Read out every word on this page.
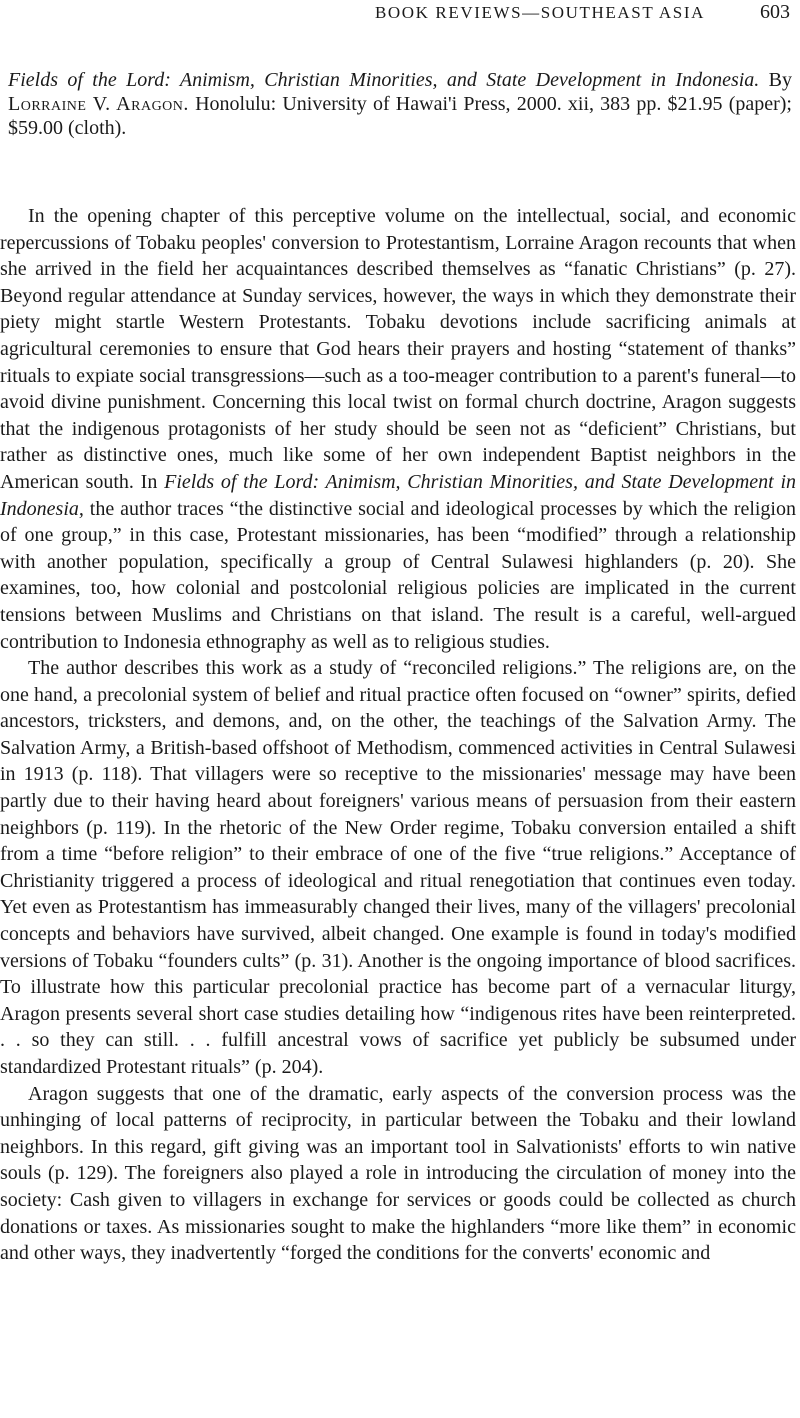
BOOK REVIEWS—SOUTHEAST ASIA	603
Fields of the Lord: Animism, Christian Minorities, and State Development in Indonesia. By Lorraine V. Aragon. Honolulu: University of Hawai'i Press, 2000. xii, 383 pp. $21.95 (paper); $59.00 (cloth).

In the opening chapter of this perceptive volume on the intellectual, social, and economic repercussions of Tobaku peoples' conversion to Protestantism, Lorraine Aragon recounts that when she arrived in the field her acquaintances described themselves as “fanatic Christians” (p. 27). Beyond regular attendance at Sunday services, however, the ways in which they demonstrate their piety might startle Western Protestants. Tobaku devotions include sacrificing animals at agricultural ceremonies to ensure that God hears their prayers and hosting “statement of thanks” rituals to expiate social transgressions—such as a too-meager contribution to a parent's funeral—to avoid divine punishment. Concerning this local twist on formal church doctrine, Aragon suggests that the indigenous protagonists of her study should be seen not as “deficient” Christians, but rather as distinctive ones, much like some of her own independent Baptist neighbors in the American south. In Fields of the Lord: Animism, Christian Minorities, and State Development in Indonesia, the author traces “the distinctive social and ideological processes by which the religion of one group,” in this case, Protestant missionaries, has been “modified” through a relationship with another population, specifically a group of Central Sulawesi highlanders (p. 20). She examines, too, how colonial and postcolonial religious policies are implicated in the current tensions between Muslims and Christians on that island. The result is a careful, well-argued contribution to Indonesia ethnography as well as to religious studies.

The author describes this work as a study of “reconciled religions.” The religions are, on the one hand, a precolonial system of belief and ritual practice often focused on “owner” spirits, defied ancestors, tricksters, and demons, and, on the other, the teachings of the Salvation Army. The Salvation Army, a British-based offshoot of Methodism, commenced activities in Central Sulawesi in 1913 (p. 118). That villagers were so receptive to the missionaries' message may have been partly due to their having heard about foreigners' various means of persuasion from their eastern neighbors (p. 119). In the rhetoric of the New Order regime, Tobaku conversion entailed a shift from a time “before religion” to their embrace of one of the five “true religions.” Acceptance of Christianity triggered a process of ideological and ritual renegotiation that continues even today. Yet even as Protestantism has immeasurably changed their lives, many of the villagers' precolonial concepts and behaviors have survived, albeit changed. One example is found in today's modified versions of Tobaku “founders cults” (p. 31). Another is the ongoing importance of blood sacrifices. To illustrate how this particular precolonial practice has become part of a vernacular liturgy, Aragon presents several short case studies detailing how “indigenous rites have been reinterpreted. . . so they can still. . . fulfill ancestral vows of sacrifice yet publicly be subsumed under standardized Protestant rituals” (p. 204).

Aragon suggests that one of the dramatic, early aspects of the conversion process was the unhinging of local patterns of reciprocity, in particular between the Tobaku and their lowland neighbors. In this regard, gift giving was an important tool in Salvationists' efforts to win native souls (p. 129). The foreigners also played a role in introducing the circulation of money into the society: Cash given to villagers in exchange for services or goods could be collected as church donations or taxes. As missionaries sought to make the highlanders “more like them” in economic and other ways, they inadvertently “forged the conditions for the converts' economic and
